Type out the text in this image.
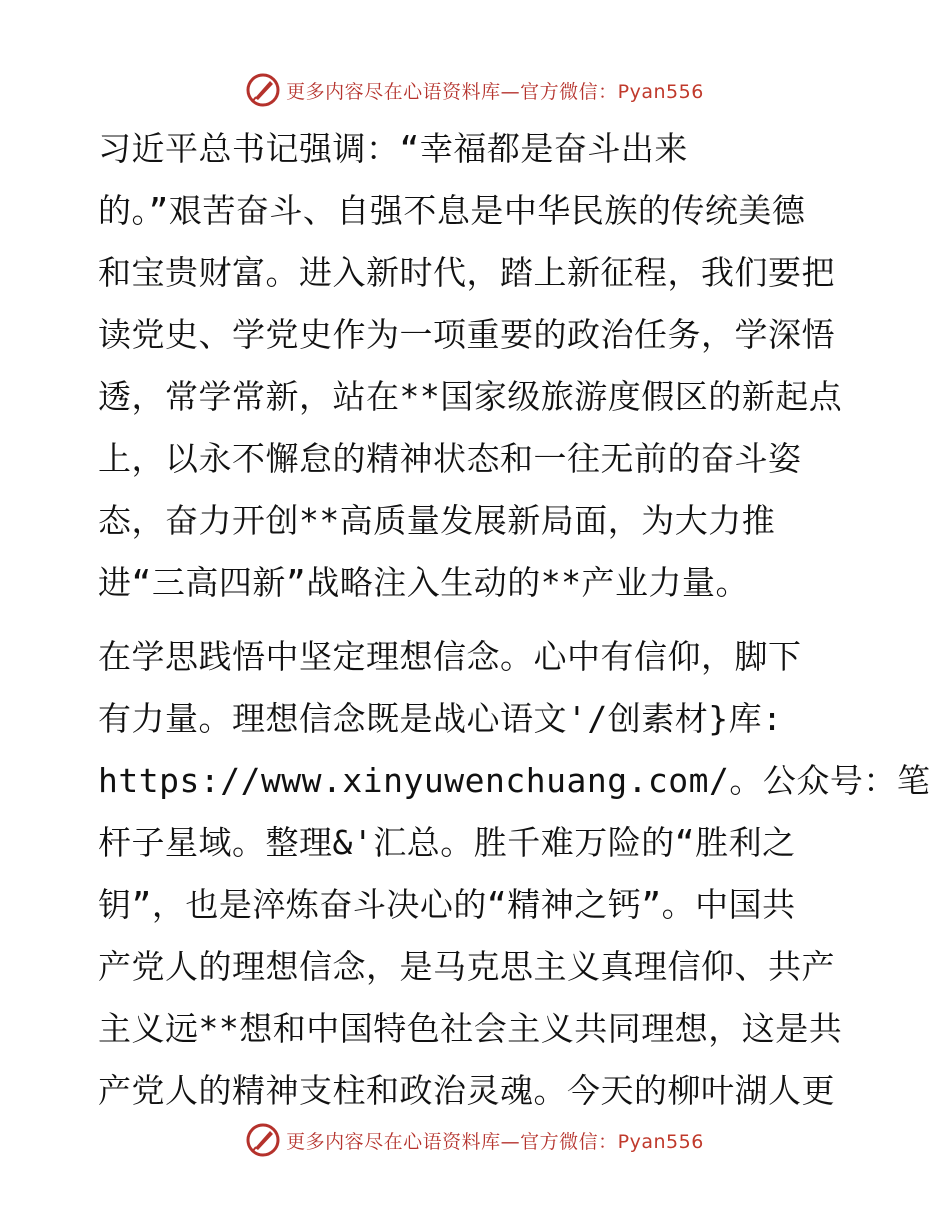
更多内容尽在心语资料库—官方微信：Pyan556

习近平总书记强调：“幸福都是奋斗出来
的。”艰苦奋斗、自强不息是中华民族的传统美德
和宝贵财富。进入新时代，踏上新征程，我们要把
读党史、学党史作为一项重要的政治任务，学深悟
透，常学常新，站在**国家级旅游度假区的新起点
上，以永不懈怠的精神状态和一往无前的奋斗姿
态，奋力开创**高质量发展新局面，为大力推
进“三高四新”战略注入生动的**产业力量。

在学思践悟中坚定理想信念。心中有信仰，脚下
有力量。理想信念既是战心语文'/创素材}库:
https://www.xinyuwenchuang.com/。公众号：笔
杆子星域。整理&'汇总。胜千难万险的“胜利之
钥”，也是淬炼奋斗决心的“精神之钙”。中国共
产党人的理想信念，是马克思主义真理信仰、共产
主义远**想和中国特色社会主义共同理想，这是共
产党人的精神支柱和政治灵魂。今天的柳叶湖人更

更多内容尽在心语资料库—官方微信：Pyan556
